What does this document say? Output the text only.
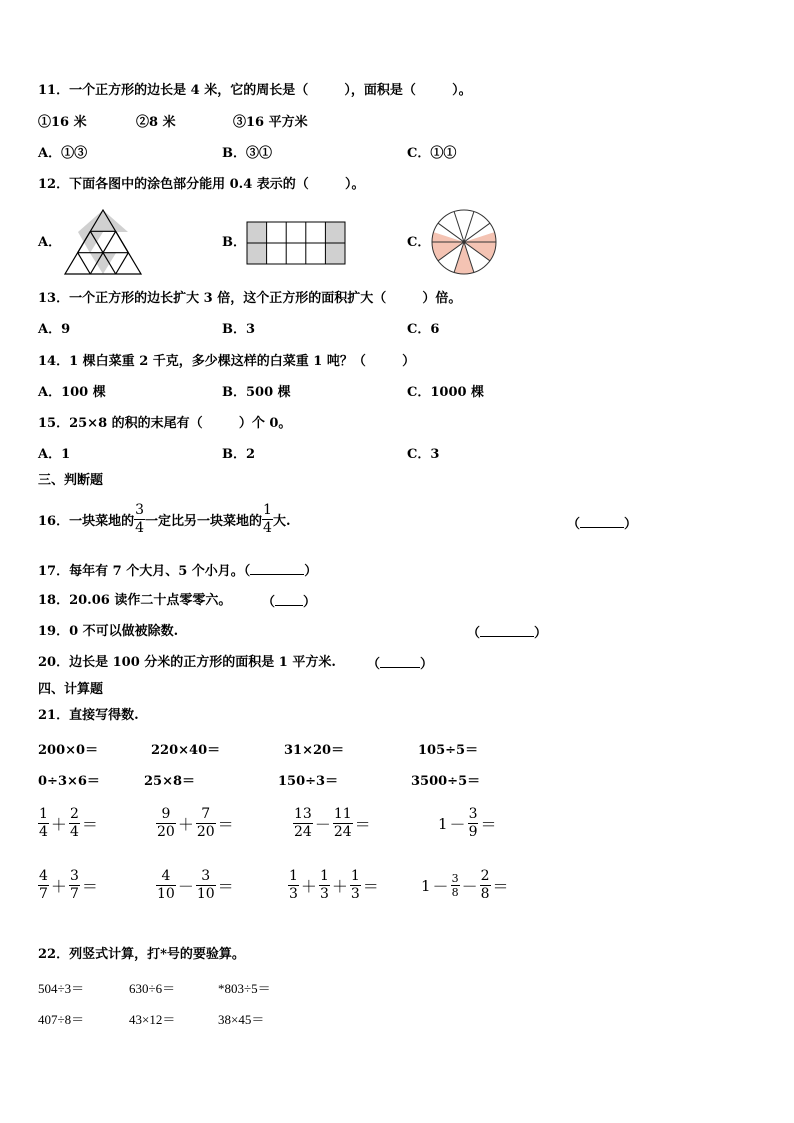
11．一个正方形的边长是 4 米，它的周长是（        ），面积是（        ）。
①16 米	②8 米	③16 平方米
A．①③	B．③①	C．①①
12．下面各图中的涂色部分能用 0.4 表示的（        ）。
A．	B．	C．
13．一个正方形的边长扩大 3 倍，这个正方形的面积扩大（        ）倍。
A．9	B．3	C．6
14．1 棵白菜重 2 千克，多少棵这样的白菜重 1 吨？（        ）
A．100 棵	B．500 棵	C．1000 棵
15．25×8 的积的末尾有（        ）个 0。
A．1	B．2	C．3
三、判断题
16．一块菜地的 $\frac{3}{4}$ 一定比另一块菜地的 $\frac{1}{4}$ 大.	（	）
17．每年有 7 个大月、5 个小月。（	）
18．20.06 读作二十点零零六。 （ ）
19．0 不可以做被除数.	（	）
20．边长是 100 分米的正方形的面积是 1 平方米. （	）
四、计算题
21．直接写得数.
200×0＝	220×40＝	31×20＝	105÷5＝
0÷3×6＝	25×8＝	150÷3＝	3500÷5＝
$\frac{1}{4} + \frac{2}{4}$ ＝	$\frac{9}{20} + \frac{7}{20}$ ＝	$\frac{13}{24} - \frac{11}{24}$ ＝	$1 - \frac{3}{9}$ ＝
$\frac{4}{7} + \frac{3}{7}$ ＝	$\frac{4}{10} - \frac{3}{10}$ ＝	$\frac{1}{3} + \frac{1}{3} + \frac{1}{3}$ ＝	$1 - \frac{3}{8} - \frac{2}{8}$ ＝
22．列竖式计算，打*号的要验算。
504÷3＝	630÷6＝	*803÷5＝
407÷8＝	43×12＝	38×45＝
